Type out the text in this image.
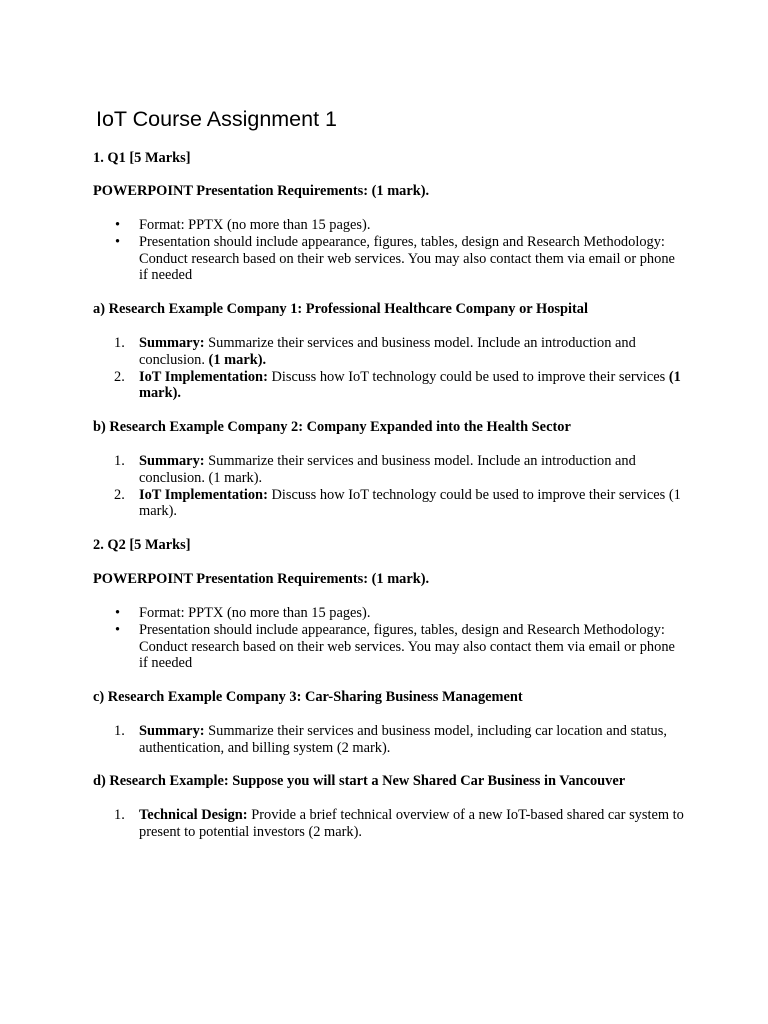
IoT Course Assignment 1
1. Q1 [5 Marks]
POWERPOINT Presentation Requirements: (1 mark).
• Format: PPTX (no more than 15 pages).
• Presentation should include appearance, figures, tables, design and Research Methodology: Conduct research based on their web services. You may also contact them via email or phone if needed
a) Research Example Company 1: Professional Healthcare Company or Hospital
1. Summary: Summarize their services and business model. Include an introduction and conclusion. (1 mark).
2. IoT Implementation: Discuss how IoT technology could be used to improve their services (1 mark).
b) Research Example Company 2: Company Expanded into the Health Sector
1. Summary: Summarize their services and business model. Include an introduction and conclusion. (1 mark).
2. IoT Implementation: Discuss how IoT technology could be used to improve their services (1 mark).
2. Q2 [5 Marks]
POWERPOINT Presentation Requirements: (1 mark).
• Format: PPTX (no more than 15 pages).
• Presentation should include appearance, figures, tables, design and Research Methodology: Conduct research based on their web services. You may also contact them via email or phone if needed
c) Research Example Company 3: Car-Sharing Business Management
1. Summary: Summarize their services and business model, including car location and status, authentication, and billing system (2 mark).
d) Research Example: Suppose you will start a New Shared Car Business in Vancouver
1. Technical Design: Provide a brief technical overview of a new IoT-based shared car system to present to potential investors (2 mark).
